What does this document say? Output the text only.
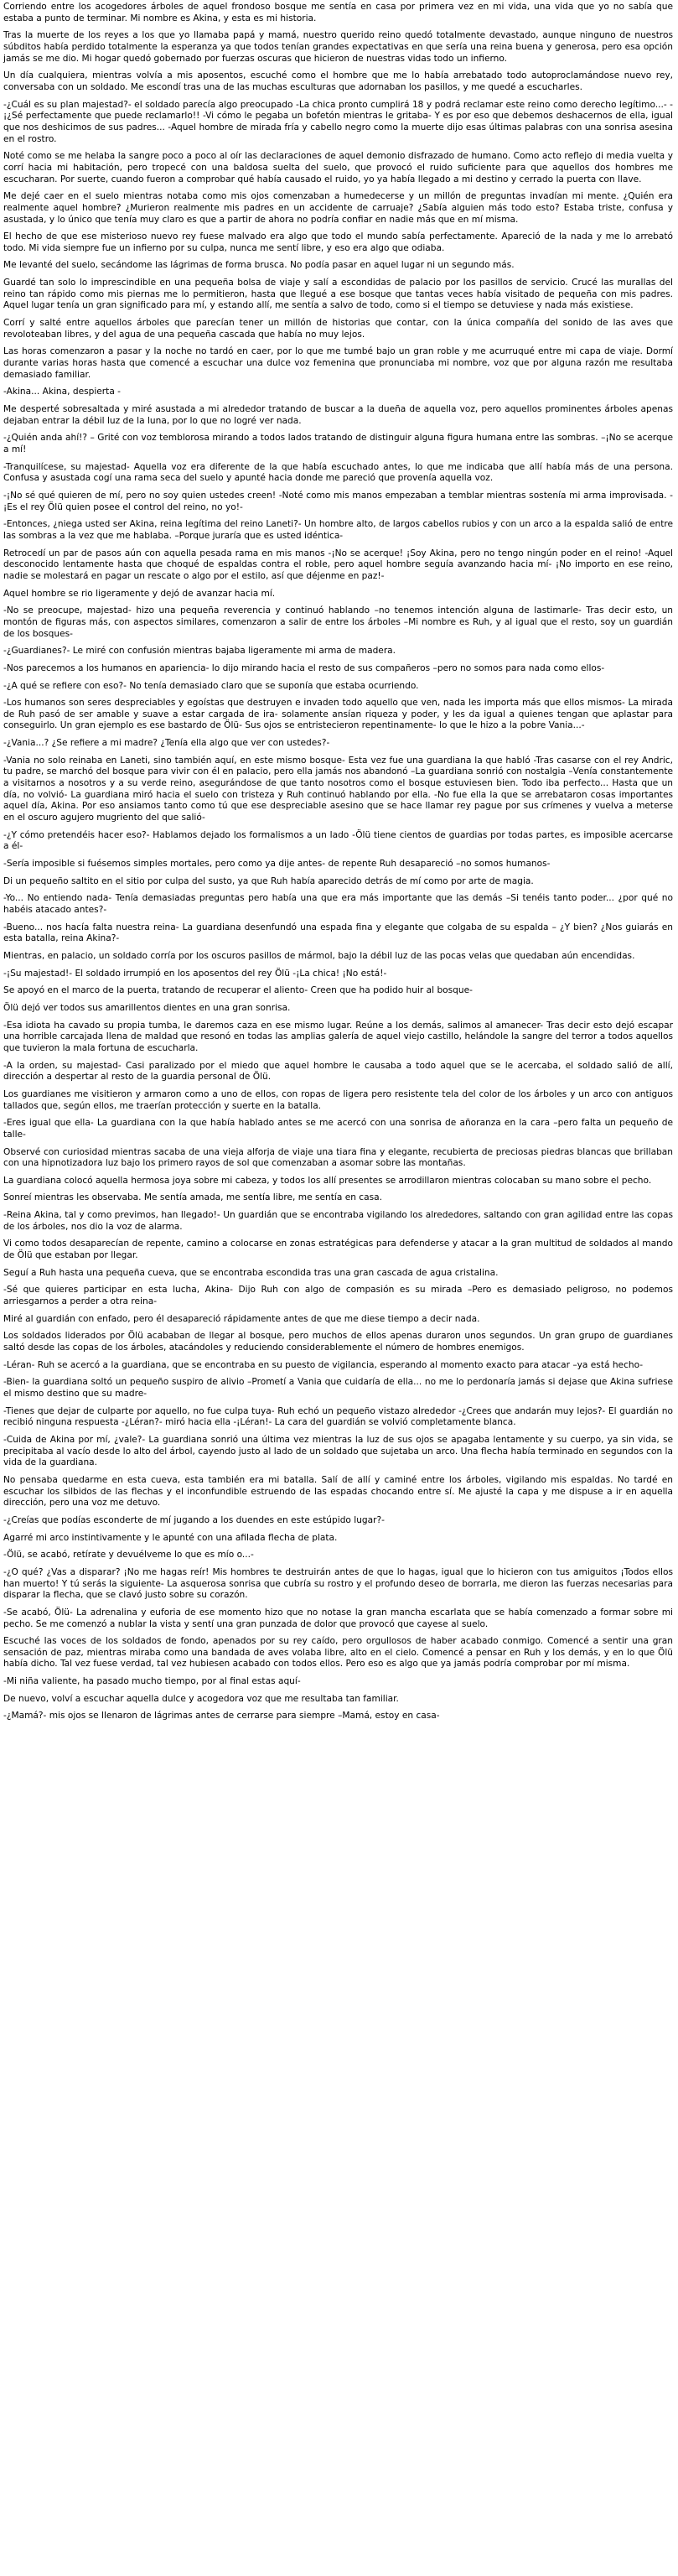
Corriendo entre los acogedores árboles de aquel frondoso bosque me sentía en casa por primera vez en mi vida, una vida que yo no sabía que estaba a punto de terminar. Mi nombre es Akina, y esta es mi historia.

Tras la muerte de los reyes a los que yo llamaba papá y mamá, nuestro querido reino quedó totalmente devastado, aunque ninguno de nuestros súbditos había perdido totalmente la esperanza ya que todos tenían grandes expectativas en que sería una reina buena y generosa, pero esa opción jamás se me dio. Mi hogar quedó gobernado por fuerzas oscuras que hicieron de nuestras vidas todo un infierno.

Un día cualquiera, mientras volvía a mis aposentos, escuché como el hombre que me lo había arrebatado todo autoproclamándose nuevo rey, conversaba con un soldado. Me escondí tras una de las muchas esculturas que adornaban los pasillos, y me quedé a escucharles.

-¿Cuál es su plan majestad?- el soldado parecía algo preocupado -La chica pronto cumplirá 18 y podrá reclamar este reino como derecho legítimo...- -¡¿Sé perfectamente que puede reclamarlo!! -Vi cómo le pegaba un bofetón mientras le gritaba- Y es por eso que debemos deshacernos de ella, igual que nos deshicimos de sus padres... -Aquel hombre de mirada fría y cabello negro como la muerte dijo esas últimas palabras con una sonrisa asesina en el rostro.

Noté como se me helaba la sangre poco a poco al oír las declaraciones de aquel demonio disfrazado de humano. Como acto reflejo di media vuelta y corrí hacia mi habitación, pero tropecé con una baldosa suelta del suelo, que provocó el ruido suficiente para que aquellos dos hombres me escucharan. Por suerte, cuando fueron a comprobar qué había causado el ruido, yo ya había llegado a mi destino y cerrado la puerta con llave.

Me dejé caer en el suelo mientras notaba como mis ojos comenzaban a humedecerse y un millón de preguntas invadían mi mente. ¿Quién era realmente aquel hombre? ¿Murieron realmente mis padres en un accidente de carruaje? ¿Sabía alguien más todo esto? Estaba triste, confusa y asustada, y lo único que tenía muy claro es que a partir de ahora no podría confiar en nadie más que en mí misma.

El hecho de que ese misterioso nuevo rey fuese malvado era algo que todo el mundo sabía perfectamente. Apareció de la nada y me lo arrebató todo. Mi vida siempre fue un infierno por su culpa, nunca me sentí libre, y eso era algo que odiaba.

Me levanté del suelo, secándome las lágrimas de forma brusca. No podía pasar en aquel lugar ni un segundo más.

Guardé tan solo lo imprescindible en una pequeña bolsa de viaje y salí a escondidas de palacio por los pasillos de servicio. Crucé las murallas del reino tan rápido como mis piernas me lo permitieron, hasta que llegué a ese bosque que tantas veces había visitado de pequeña con mis padres. Aquel lugar tenía un gran significado para mí, y estando allí, me sentía a salvo de todo, como si el tiempo se detuviese y nada más existiese.

Corrí y salté entre aquellos árboles que parecían tener un millón de historias que contar, con la única compañía del sonido de las aves que revoloteaban libres, y del agua de una pequeña cascada que había no muy lejos.

Las horas comenzaron a pasar y la noche no tardó en caer, por lo que me tumbé bajo un gran roble y me acurruqué entre mi capa de viaje. Dormí durante varias horas hasta que comencé a escuchar una dulce voz femenina que pronunciaba mi nombre, voz que por alguna razón me resultaba demasiado familiar.

-Akina... Akina, despierta -

Me desperté sobresaltada y miré asustada a mi alrededor tratando de buscar a la dueña de aquella voz, pero aquellos prominentes árboles apenas dejaban entrar la débil luz de la luna, por lo que no logré ver nada.

-¿Quién anda ahí!? – Grité con voz temblorosa mirando a todos lados tratando de distinguir alguna figura humana entre las sombras. –¡No se acerque a mí!

-Tranquilícese, su majestad- Aquella voz era diferente de la que había escuchado antes, lo que me indicaba que allí había más de una persona. Confusa y asustada cogí una rama seca del suelo y apunté hacia donde me pareció que provenía aquella voz.

-¡No sé qué quieren de mí, pero no soy quien ustedes creen! -Noté como mis manos empezaban a temblar mientras sostenía mi arma improvisada. -¡Es el rey Ölü quien posee el control del reino, no yo!-

-Entonces, ¿niega usted ser Akina, reina legítima del reino Laneti?- Un hombre alto, de largos cabellos rubios y con un arco a la espalda salió de entre las sombras a la vez que me hablaba. –Porque juraría que es usted idéntica-

Retrocedí un par de pasos aún con aquella pesada rama en mis manos -¡No se acerque! ¡Soy Akina, pero no tengo ningún poder en el reino! -Aquel desconocido lentamente hasta que choqué de espaldas contra el roble, pero aquel hombre seguía avanzando hacia mí- ¡No importo en ese reino, nadie se molestará en pagar un rescate o algo por el estilo, así que déjenme en paz!-

Aquel hombre se rio ligeramente y dejó de avanzar hacia mí.

-No se preocupe, majestad- hizo una pequeña reverencia y continuó hablando –no tenemos intención alguna de lastimarle- Tras decir esto, un montón de figuras más, con aspectos similares, comenzaron a salir de entre los árboles –Mi nombre es Ruh, y al igual que el resto, soy un guardián de los bosques-

-¿Guardianes?- Le miré con confusión mientras bajaba ligeramente mi arma de madera.

-Nos parecemos a los humanos en apariencia- lo dijo mirando hacia el resto de sus compañeros –pero no somos para nada como ellos-

-¿A qué se refiere con eso?- No tenía demasiado claro que se suponía que estaba ocurriendo.

-Los humanos son seres despreciables y egoístas que destruyen e invaden todo aquello que ven, nada les importa más que ellos mismos- La mirada de Ruh pasó de ser amable y suave a estar cargada de ira- solamente ansían riqueza y poder, y les da igual a quienes tengan que aplastar para conseguirlo. Un gran ejemplo es ese bastardo de Ölü- Sus ojos se entristecieron repentinamente- lo que le hizo a la pobre Vania...-

-¿Vania...? ¿Se refiere a mi madre? ¿Tenía ella algo que ver con ustedes?-

-Vania no solo reinaba en Laneti, sino también aquí, en este mismo bosque- Esta vez fue una guardiana la que habló -Tras casarse con el rey Andric, tu padre, se marchó del bosque para vivir con él en palacio, pero ella jamás nos abandonó –La guardiana sonrió con nostalgia –Venía constantemente a visitarnos a nosotros y a su verde reino, asegurándose de que tanto nosotros como el bosque estuviesen bien. Todo iba perfecto... Hasta que un día, no volvió- La guardiana miró hacia el suelo con tristeza y Ruh continuó hablando por ella. -No fue ella la que se arrebataron cosas importantes aquel día, Akina. Por eso ansiamos tanto como tú que ese despreciable asesino que se hace llamar rey pague por sus crímenes y vuelva a meterse en el oscuro agujero mugriento del que salió-

-¿Y cómo pretendéis hacer eso?- Hablamos dejado los formalismos a un lado -Ölü tiene cientos de guardias por todas partes, es imposible acercarse a él-

-Sería imposible si fuésemos simples mortales, pero como ya dije antes- de repente Ruh desapareció –no somos humanos-

Di un pequeño saltito en el sitio por culpa del susto, ya que Ruh había aparecido detrás de mí como por arte de magia.

-Yo... No entiendo nada- Tenía demasiadas preguntas pero había una que era más importante que las demás –Si tenéis tanto poder... ¿por qué no habéis atacado antes?-

-Bueno... nos hacía falta nuestra reina- La guardiana desenfundó una espada fina y elegante que colgaba de su espalda – ¿Y bien? ¿Nos guiarás en esta batalla, reina Akina?-

Mientras, en palacio, un soldado corría por los oscuros pasillos de mármol, bajo la débil luz de las pocas velas que quedaban aún encendidas.

-¡Su majestad!- El soldado irrumpió en los aposentos del rey Ölü -¡La chica! ¡No está!-

Se apoyó en el marco de la puerta, tratando de recuperar el aliento- Creen que ha podido huir al bosque-

Ölü dejó ver todos sus amarillentos dientes en una gran sonrisa.

-Esa idiota ha cavado su propia tumba, le daremos caza en ese mismo lugar. Reúne a los demás, salimos al amanecer- Tras decir esto dejó escapar una horrible carcajada llena de maldad que resonó en todas las amplias galería de aquel viejo castillo, helándole la sangre del terror a todos aquellos que tuvieron la mala fortuna de escucharla.

-A la orden, su majestad- Casi paralizado por el miedo que aquel hombre le causaba a todo aquel que se le acercaba, el soldado salió de allí, dirección a despertar al resto de la guardia personal de Ölü.

Los guardianes me visitieron y armaron como a uno de ellos, con ropas de ligera pero resistente tela del color de los árboles y un arco con antiguos tallados que, según ellos, me traerían protección y suerte en la batalla.

-Eres igual que ella- La guardiana con la que había hablado antes se me acercó con una sonrisa de añoranza en la cara –pero falta un pequeño de talle-

Observé con curiosidad mientras sacaba de una vieja alforja de viaje una tiara fina y elegante, recubierta de preciosas piedras blancas que brillaban con una hipnotizadora luz bajo los primero rayos de sol que comenzaban a asomar sobre las montañas.

La guardiana colocó aquella hermosa joya sobre mi cabeza, y todos los allí presentes se arrodillaron mientras colocaban su mano sobre el pecho.

Sonreí mientras les observaba. Me sentía amada, me sentía libre, me sentía en casa.

-Reina Akina, tal y como previmos, han llegado!- Un guardián que se encontraba vigilando los alrededores, saltando con gran agilidad entre las copas de los árboles, nos dio la voz de alarma.

Vi como todos desaparecían de repente, camino a colocarse en zonas estratégicas para defenderse y atacar a la gran multitud de soldados al mando de Ölü que estaban por llegar.

Seguí a Ruh hasta una pequeña cueva, que se encontraba escondida tras una gran cascada de agua cristalina.

-Sé que quieres participar en esta lucha, Akina- Dijo Ruh con algo de compasión es su mirada –Pero es demasiado peligroso, no podemos arriesgarnos a perder a otra reina-

Miré al guardián con enfado, pero él desapareció rápidamente antes de que me diese tiempo a decir nada.

Los soldados liderados por Ölü acababan de llegar al bosque, pero muchos de ellos apenas duraron unos segundos. Un gran grupo de guardianes saltó desde las copas de los árboles, atacándoles y reduciendo considerablemente el número de hombres enemigos.

-Léran- Ruh se acercó a la guardiana, que se encontraba en su puesto de vigilancia, esperando al momento exacto para atacar –ya está hecho-

-Bien- la guardiana soltó un pequeño suspiro de alivio –Prometí a Vania que cuidaría de ella... no me lo perdonaría jamás si dejase que Akina sufriese el mismo destino que su madre-

-Tienes que dejar de culparte por aquello, no fue culpa tuya- Ruh echó un pequeño vistazo alrededor -¿Crees que andarán muy lejos?- El guardián no recibió ninguna respuesta -¿Léran?- miró hacia ella -¡Léran!- La cara del guardián se volvió completamente blanca.

-Cuida de Akina por mí, ¿vale?- La guardiana sonrió una última vez mientras la luz de sus ojos se apagaba lentamente y su cuerpo, ya sin vida, se precipitaba al vacío desde lo alto del árbol, cayendo justo al lado de un soldado que sujetaba un arco. Una flecha había terminado en segundos con la vida de la guardiana.

No pensaba quedarme en esta cueva, esta también era mi batalla. Salí de allí y caminé entre los árboles, vigilando mis espaldas. No tardé en escuchar los silbidos de las flechas y el inconfundible estruendo de las espadas chocando entre sí. Me ajusté la capa y me dispuse a ir en aquella dirección, pero una voz me detuvo.

-¿Creías que podías esconderte de mí jugando a los duendes en este estúpido lugar?-

Agarré mi arco instintivamente y le apunté con una afilada flecha de plata.

-Ölü, se acabó, retírate y devuélveme lo que es mío o...-

-¿O qué? ¿Vas a disparar? ¡No me hagas reír! Mis hombres te destruirán antes de que lo hagas, igual que lo hicieron con tus amiguitos ¡Todos ellos han muerto! Y tú serás la siguiente- La asquerosa sonrisa que cubría su rostro y el profundo deseo de borrarla, me dieron las fuerzas necesarias para disparar la flecha, que se clavó justo sobre su corazón.

-Se acabó, Ölü- La adrenalina y euforia de ese momento hizo que no notase la gran mancha escarlata que se había comenzado a formar sobre mi pecho. Se me comenzó a nublar la vista y sentí una gran punzada de dolor que provocó que cayese al suelo.

Escuché las voces de los soldados de fondo, apenados por su rey caído, pero orgullosos de haber acabado conmigo. Comencé a sentir una gran sensación de paz, mientras miraba como una bandada de aves volaba libre, alto en el cielo. Comencé a pensar en Ruh y los demás, y en lo que Ölü había dicho. Tal vez fuese verdad, tal vez hubiesen acabado con todos ellos. Pero eso es algo que ya jamás podría comprobar por mí misma.

-Mi niña valiente, ha pasado mucho tiempo, por al final estas aquí-

De nuevo, volví a escuchar aquella dulce y acogedora voz que me resultaba tan familiar.

-¿Mamá?- mis ojos se llenaron de lágrimas antes de cerrarse para siempre –Mamá, estoy en casa-
